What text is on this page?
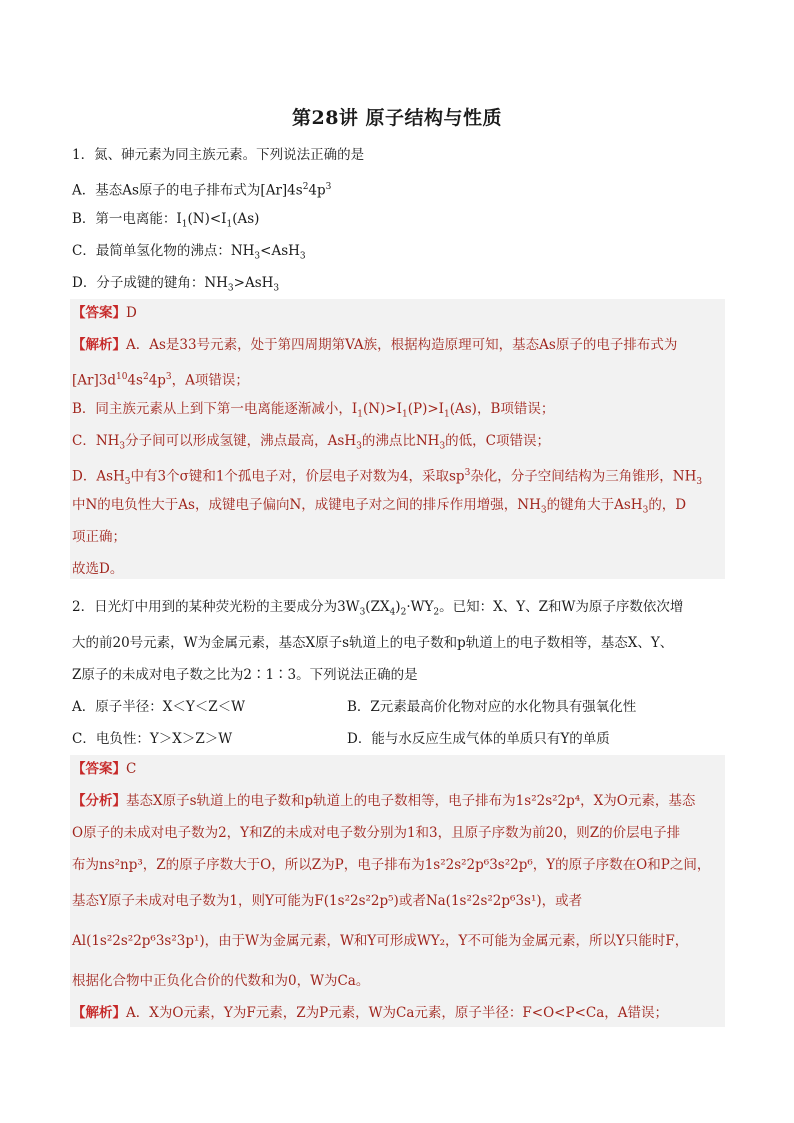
第28讲 原子结构与性质
1．氮、砷元素为同主族元素。下列说法正确的是
A．基态As原子的电子排布式为$[Ar]4s^24p^3$
B．第一电离能：$I_1(N)<I_1(As)$
C．最简单氢化物的沸点：$NH_3<AsH_3$
D．分子成键的键角：$NH_3>AsH_3$
【答案】D
【解析】A．As是33号元素，处于第四周期第VA族，根据构造原理可知，基态As原子的电子排布式为
$[Ar]3d^{10}4s^24p^3$，A项错误；
B．同主族元素从上到下第一电离能逐渐减小，$I_1(N)>I_1(P)>I_1(As)$，B项错误；
C．$NH_3$分子间可以形成氢键，沸点最高，AsH$_3$的沸点比$NH_3$的低，C项错误；
D．AsH$_3$中有3个σ键和1个孤电子对，价层电子对数为4，采取$sp^3$杂化，分子空间结构为三角锥形，$NH_3$
中N的电负性大于As，成键电子偏向N，成键电子对之间的排斥作用增强，$NH_3$的键角大于AsH$_3$的，D
项正确；
故选D。
2．日光灯中用到的某种荧光粉的主要成分为$3W_3(ZX_4)_2\cdot WY_2$。已知：X、Y、Z和W为原子序数依次增
大的前20号元素，W为金属元素，基态X原子s轨道上的电子数和p轨道上的电子数相等，基态X、Y、
Z原子的未成对电子数之比为2∶1∶3。下列说法正确的是
A．原子半径：X＜Y＜Z＜W	B．Z元素最高价化物对应的水化物具有强氧化性
C．电负性：Y＞X＞Z＞W	D．能与水反应生成气体的单质只有Y的单质
【答案】C
【分析】基态X原子s轨道上的电子数和p轨道上的电子数相等，电子排布为1s²2s²2p⁴，X为O元素，基态
O原子的未成对电子数为2，Y和Z的未成对电子数分别为1和3，且原子序数为前20，则Z的价层电子排
布为ns²np³，Z的原子序数大于O，所以Z为P，电子排布为1s²2s²2p⁶3s²2p⁶，Y的原子序数在O和P之间，
基态Y原子未成对电子数为1，则Y可能为F(1s²2s²2p⁵)或者Na(1s²2s²2p⁶3s¹)，或者
Al(1s²2s²2p⁶3s²3p¹)，由于W为金属元素，W和Y可形成WY₂，Y不可能为金属元素，所以Y只能时F，
根据化合物中正负化合价的代数和为0，W为Ca。
【解析】A．X为O元素，Y为F元素，Z为P元素，W为Ca元素，原子半径：F<O<P<Ca，A错误；
